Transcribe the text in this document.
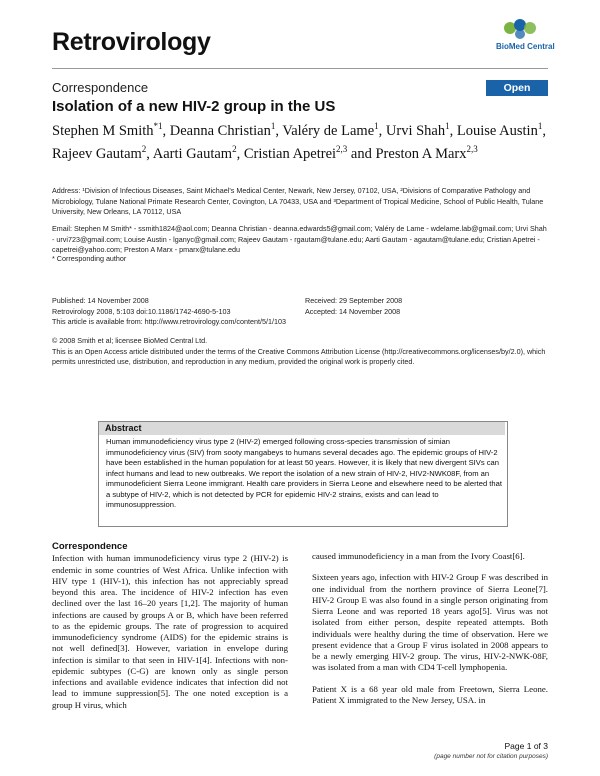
Retrovirology	BioMed Central
Correspondence	Open Access
Isolation of a new HIV-2 group in the US
Stephen M Smith$^{*1}$, Deanna Christian$^1$, Valéry de Lame$^1$, Urvi Shah$^1$, Louise Austin$^1$, Rajeev Gautam$^2$, Aarti Gautam$^2$, Cristian Apetrei$^{2,3}$ and Preston A Marx$^{2,3}$
Address: ¹Division of Infectious Diseases, Saint Michael's Medical Center, Newark, New Jersey, 07102, USA, ²Divisions of Comparative Pathology and Microbiology, Tulane National Primate Research Center, Covington, LA 70433, USA and ³Department of Tropical Medicine, School of Public Health, Tulane University, New Orleans, LA 70112, USA
Email: Stephen M Smith* - ssmith1824@aol.com; Deanna Christian - deanna.edwards5@gmail.com; Valéry de Lame - wdelame.lab@gmail.com; Urvi Shah - urvi723@gmail.com; Louise Austin - lganyc@gmail.com; Rajeev Gautam - rgautam@tulane.edu; Aarti Gautam - agautam@tulane.edu; Cristian Apetrei - capetrei@yahoo.com; Preston A Marx - pmarx@tulane.edu
* Corresponding author
Published: 14 November 2008
Retrovirology 2008, 5:103 doi:10.1186/1742-4690-5-103
This article is available from: http://www.retrovirology.com/content/5/1/103
Received: 29 September 2008
Accepted: 14 November 2008
© 2008 Smith et al; licensee BioMed Central Ltd.
This is an Open Access article distributed under the terms of the Creative Commons Attribution License (http://creativecommons.org/licenses/by/2.0), which permits unrestricted use, distribution, and reproduction in any medium, provided the original work is properly cited.
Abstract
Human immunodeficiency virus type 2 (HIV-2) emerged following cross-species transmission of simian immunodeficiency virus (SIV) from sooty mangabeys to humans several decades ago. The epidemic groups of HIV-2 have been established in the human population for at least 50 years. However, it is likely that new divergent SIVs can infect humans and lead to new outbreaks. We report the isolation of a new strain of HIV-2, HIV2-NWK08F, from an immunodeficient Sierra Leone immigrant. Health care providers in Sierra Leone and elsewhere need to be alerted that a subtype of HIV-2, which is not detected by PCR for epidemic HIV-2 strains, exists and can lead to immunosuppression.
Correspondence

Infection with human immunodeficiency virus type 2 (HIV-2) is endemic in some countries of West Africa. Unlike infection with HIV type 1 (HIV-1), this infection has not appreciably spread beyond this area. The incidence of HIV-2 infection has even declined over the last 16–20 years [1,2]. The majority of human infections are caused by groups A or B, which have been referred to as the epidemic groups. The rate of progression to acquired immunodeficiency syndrome (AIDS) for the epidemic strains is not well defined[3]. However, variation in envelope during infection is similar to that seen in HIV-1[4]. Infections with non-epidemic subtypes (C-G) are known only as single person infections and available evidence indicates that infection did not lead to immune suppression[5]. The one noted exception is a group H virus, which

caused immunodeficiency in a man from the Ivory Coast[6].

Sixteen years ago, infection with HIV-2 Group F was described in one individual from the northern province of Sierra Leone[7]. HIV-2 Group E was also found in a single person originating from Sierra Leone and was reported 18 years ago[5]. Virus was not isolated from either person, despite repeated attempts. Both individuals were healthy during the time of observation. Here we present evidence that a Group F virus isolated in 2008 appears to be a newly emerging HIV-2 group. The virus, HIV-2-NWK-08F, was isolated from a man with CD4 T-cell lymphopenia.

Patient X is a 68 year old male from Freetown, Sierra Leone. Patient X immigrated to the New Jersey, USA. in

Page 1 of 3
(page number not for citation purposes)
